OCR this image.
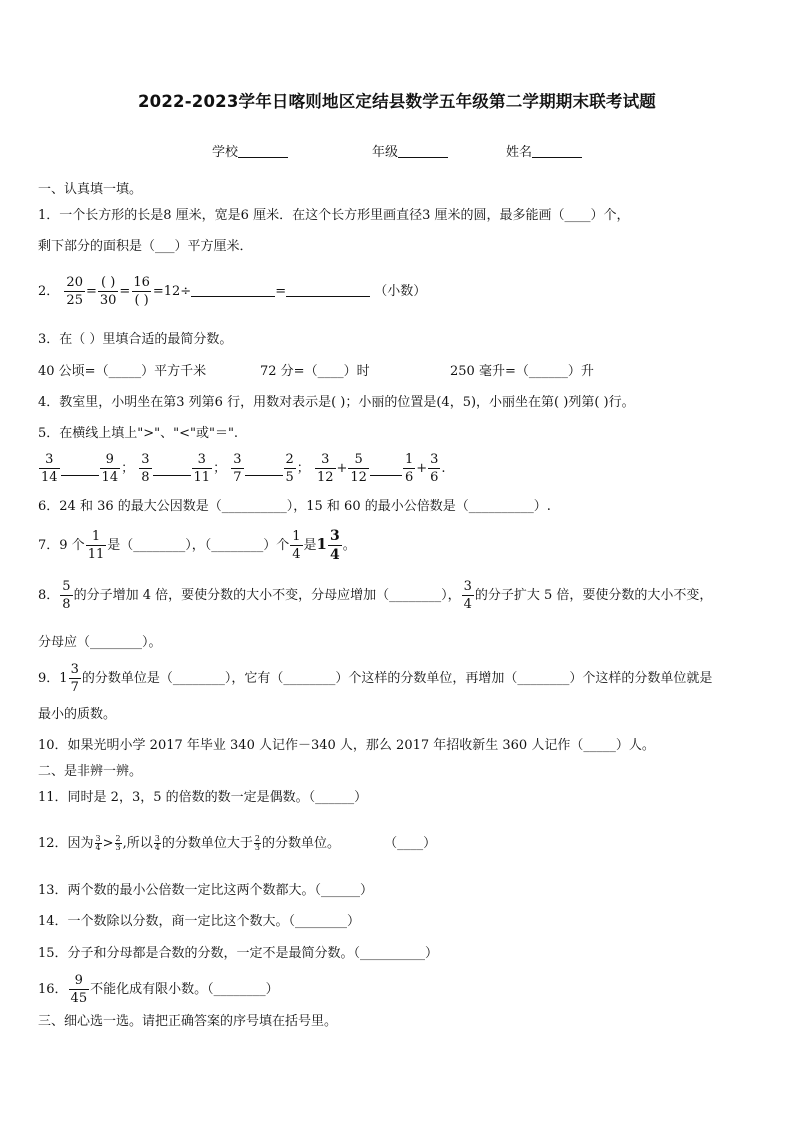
2022-2023学年日喀则地区定结县数学五年级第二学期期末联考试题
学校	年级	姓名
一、认真填一填。
1．一个长方形的长是8 厘米，宽是6 厘米．在这个长方形里画直径3 厘米的圆，最多能画（____）个，
剩下部分的面积是（___）平方厘米．
2． $\frac{20}{25} = \frac{( )}{30} = \frac{16}{( )} =12\div$	=	（小数）
3．在（ ）里填合适的最简分数。
40 公顷=（_____）平方千米	72 分=（____）时	250 毫升=（______）升
4．教室里，小明坐在第3 列第6 行，用数对表示是( )；小丽的位置是(4，5)，小丽坐在第( )列第( )行。
5．在横线上填上">"、"<"或"＝".
$\frac{3}{14}$	$\frac{9}{14}$ ； $\frac{3}{8}$	$\frac{3}{11}$ ； $\frac{3}{7}$	$\frac{2}{5}$ ； $\frac{3}{12} + \frac{5}{12}$	$\frac{1}{6} + \frac{3}{6}$ .
6．24 和 36 的最大公因数是（__________），15 和 60 的最小公倍数是（__________）.
7．9 个 $\frac{1}{11}$ 是（________），（________）个 $\frac{1}{4}$ 是$1 \frac{3}{4}$ 。
8． $\frac{5}{8}$ 的分子增加 4 倍，要使分数的大小不变，分母应增加（________）， $\frac{3}{4}$ 的分子扩大 5 倍，要使分数的大小不变，
分母应（________）。
9．$1 \frac{3}{7}$ 的分数单位是（________），它有（________）个这样的分数单位，再增加（________）个这样的分数单位就是
最小的质数。
10．如果光明小学 2017 年毕业 340 人记作－340 人，那么 2017 年招收新生 360 人记作（_____）人。
二、是非辨一辨。
11．同时是 2，3，5 的倍数的数一定是偶数。（______）
12．因为 $\frac{3}{4} > \frac{2}{3}$ ,所以 $\frac{3}{4}$ 的分数单位大于 $\frac{2}{3}$ 的分数单位。	（____）
13．两个数的最小公倍数一定比这两个数都大。（______）
14．一个数除以分数，商一定比这个数大。（________）
15．分子和分母都是合数的分数，一定不是最简分数。（__________）
16． $\frac{9}{45}$ 不能化成有限小数。（________）
三、细心选一选。请把正确答案的序号填在括号里。
